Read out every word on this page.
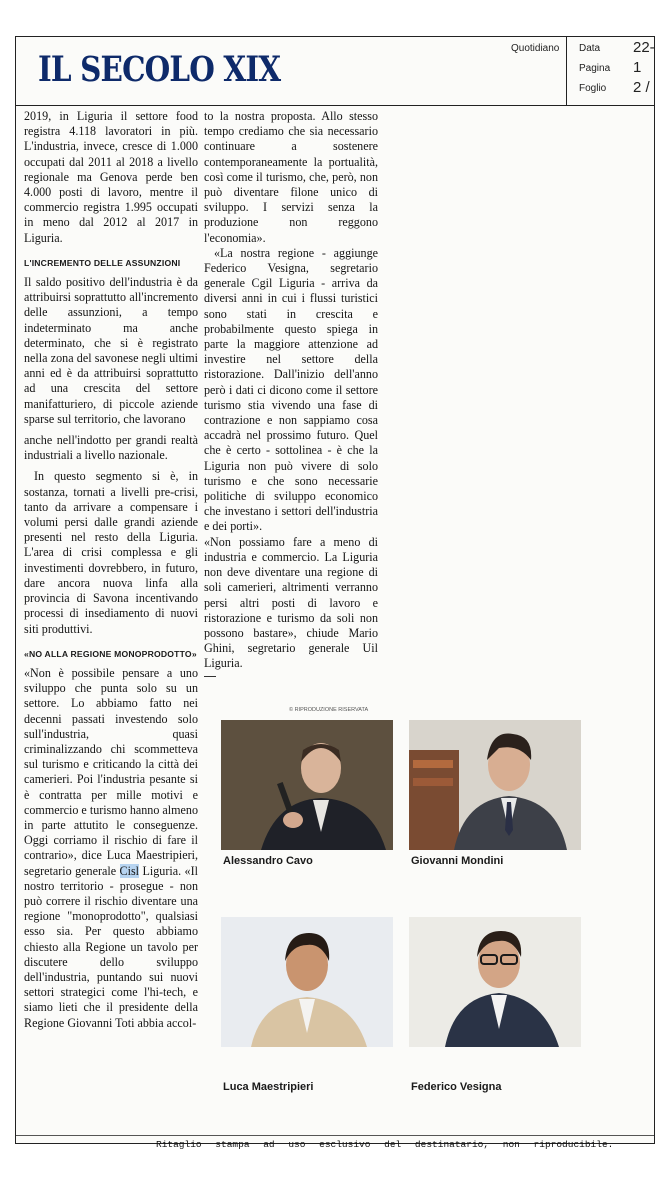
IL SECOLO XIX
Quotidiano Data 22-
Pagina 1
Foglio 2 /

2019, in Liguria il settore food registra 4.118 lavoratori in più. L'industria, invece, cresce di 1.000 occupati dal 2011 al 2018 a livello regionale ma Genova perde ben 4.000 posti di lavoro, mentre il commercio registra 1.995 occupati in meno dal 2012 al 2017 in Liguria.

L'INCREMENTO DELLE ASSUNZIONI

Il saldo positivo dell'industria è da attribuirsi soprattutto all'incremento delle assunzioni, a tempo indeterminato ma anche determinato, che si è registrato nella zona del savonese negli ultimi anni ed è da attribuirsi soprattutto ad una crescita del settore manifatturiero, di piccole aziende sparse sul territorio, che lavorano

anche nell'indotto per grandi realtà industriali a livello nazionale.

In questo segmento si è, in sostanza, tornati a livelli pre-crisi, tanto da arrivare a compensare i volumi persi dalle grandi aziende presenti nel resto della Liguria. L'area di crisi complessa e gli investimenti dovrebbero, in futuro, dare ancora nuova linfa alla provincia di Savona incentivando processi di insediamento di nuovi siti produttivi.

«NO ALLA REGIONE MONOPRODOTTO»

«Non è possibile pensare a uno sviluppo che punta solo su un settore. Lo abbiamo fatto nei decenni passati investendo solo sull'industria, quasi criminalizzando chi scommetteva sul turismo e criticando la città dei camerieri. Poi l'industria pesante si è contratta per mille motivi e commercio e turismo hanno almeno in parte attutito le conseguenze. Oggi corriamo il rischio di fare il contrario», dice Luca Maestripieri, segretario generale Cisl Liguria. «Il nostro territorio - prosegue - non può correre il rischio diventare una regione "monoprodotto", qualsiasi esso sia. Per questo abbiamo chiesto alla Regione un tavolo per discutere dello sviluppo dell'industria, puntando sui nuovi settori strategici come l'hi-tech, e siamo lieti che il presidente della Regione Giovanni Toti abbia accol-

to la nostra proposta. Allo stesso tempo crediamo che sia necessario continuare a sostenere contemporaneamente la portualità, così come il turismo, che, però, non può diventare filone unico di sviluppo. I servizi senza la produzione non reggono l'economia».

«La nostra regione - aggiunge Federico Vesigna, segretario generale Cgil Liguria - arriva da diversi anni in cui i flussi turistici sono stati in crescita e probabilmente questo spiega in parte la maggiore attenzione ad investire nel settore della ristorazione. Dall'inizio dell'anno però i dati ci dicono come il settore turismo stia vivendo una fase di contrazione e non sappiamo cosa accadrà nel prossimo futuro. Quel che è certo - sottolinea - è che la Liguria non può vivere di solo turismo e che sono necessarie politiche di sviluppo economico che investano i settori dell'industria e dei porti».

«Non possiamo fare a meno di industria e commercio. La Liguria non deve diventare una regione di soli camerieri, altrimenti verranno persi altri posti di lavoro e ristorazione e turismo da soli non possono bastare», chiude Mario Ghini, segretario generale Uil Liguria.

© RIPRODUZIONE RISERVATA
Alessandro Cavo	Giovanni Mondini
Luca Maestripieri	Federico Vesigna
Ritaglio stampa ad uso esclusivo del destinatario, non riproducibile.
